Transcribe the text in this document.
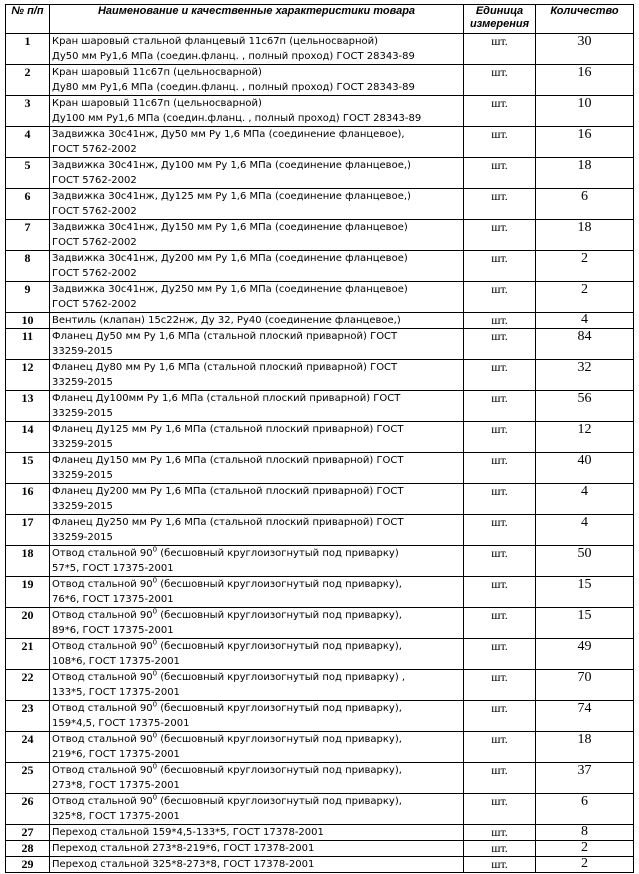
№ п/п	Наименование и качественные характеристики товара	Единица измерения	Количество
1	Кран шаровый стальной фланцевый 11с67п (цельносварной)
Ду50 мм Ру1,6 МПа (соедин.фланц. , полный проход) ГОСТ 28343-89	шт.	30
2	Кран шаровый 11с67п (цельносварной)
Ду80 мм Ру1,6 МПа (соедин.фланц. , полный проход) ГОСТ 28343-89	шт.	16
3	Кран шаровый 11с67п (цельносварной)
Ду100 мм Ру1,6 МПа (соедин.фланц. , полный проход) ГОСТ 28343-89	шт.	10
4	Задвижка 30с41нж, Ду50 мм Ру 1,6 МПа (соединение фланцевое),
ГОСТ 5762-2002	шт.	16
5	Задвижка 30с41нж, Ду100 мм Ру 1,6 МПа (соединение фланцевое,)
ГОСТ 5762-2002	шт.	18
6	Задвижка 30с41нж, Ду125 мм Ру 1,6 МПа (соединение фланцевое,)
ГОСТ 5762-2002	шт.	6
7	Задвижка 30с41нж, Ду150 мм Ру 1,6 МПа (соединение фланцевое)
ГОСТ 5762-2002	шт.	18
8	Задвижка 30с41нж, Ду200 мм Ру 1,6 МПа (соединение фланцевое)
ГОСТ 5762-2002	шт.	2
9	Задвижка 30с41нж, Ду250 мм Ру 1,6 МПа (соединение фланцевое)
ГОСТ 5762-2002	шт.	2
10	Вентиль (клапан) 15с22нж, Ду 32, Ру40 (соединение фланцевое,)	шт.	4
11	Фланец Ду50 мм Ру 1,6 МПа (стальной плоский приварной) ГОСТ
33259-2015	шт.	84
12	Фланец Ду80 мм Ру 1,6 МПа (стальной плоский приварной) ГОСТ
33259-2015	шт.	32
13	Фланец Ду100мм Ру 1,6 МПа (стальной плоский приварной) ГОСТ
33259-2015	шт.	56
14	Фланец Ду125 мм Ру 1,6 МПа (стальной плоский приварной) ГОСТ
33259-2015	шт.	12
15	Фланец Ду150 мм Ру 1,6 МПа (стальной плоский приварной) ГОСТ
33259-2015	шт.	40
16	Фланец Ду200 мм Ру 1,6 МПа (стальной плоский приварной) ГОСТ
33259-2015	шт.	4
17	Фланец Ду250 мм Ру 1,6 МПа (стальной плоский приварной) ГОСТ
33259-2015	шт.	4
18	Отвод стальной $90^0$ (бесшовный круглоизогнутый под приварку)
57*5, ГОСТ 17375-2001	шт.	50
19	Отвод стальной $90^0$ (бесшовный круглоизогнутый под приварку),
76*6, ГОСТ 17375-2001	шт.	15
20	Отвод стальной $90^0$ (бесшовный круглоизогнутый под приварку),
89*6, ГОСТ 17375-2001	шт.	15
21	Отвод стальной $90^0$ (бесшовный круглоизогнутый под приварку),
108*6, ГОСТ 17375-2001	шт.	49
22	Отвод стальной $90^0$ (бесшовный круглоизогнутый под приварку) ,
133*5, ГОСТ 17375-2001	шт.	70
23	Отвод стальной $90^0$ (бесшовный круглоизогнутый под приварку),
159*4,5, ГОСТ 17375-2001	шт.	74
24	Отвод стальной $90^0$ (бесшовный круглоизогнутый под приварку),
219*6, ГОСТ 17375-2001	шт.	18
25	Отвод стальной $90^0$ (бесшовный круглоизогнутый под приварку),
273*8, ГОСТ 17375-2001	шт.	37
26	Отвод стальной $90^0$ (бесшовный круглоизогнутый под приварку),
325*8, ГОСТ 17375-2001	шт.	6
27	Переход стальной 159*4,5-133*5, ГОСТ 17378-2001	шт.	8
28	Переход стальной 273*8-219*6, ГОСТ 17378-2001	шт.	2
29	Переход стальной 325*8-273*8, ГОСТ 17378-2001	шт.	2
